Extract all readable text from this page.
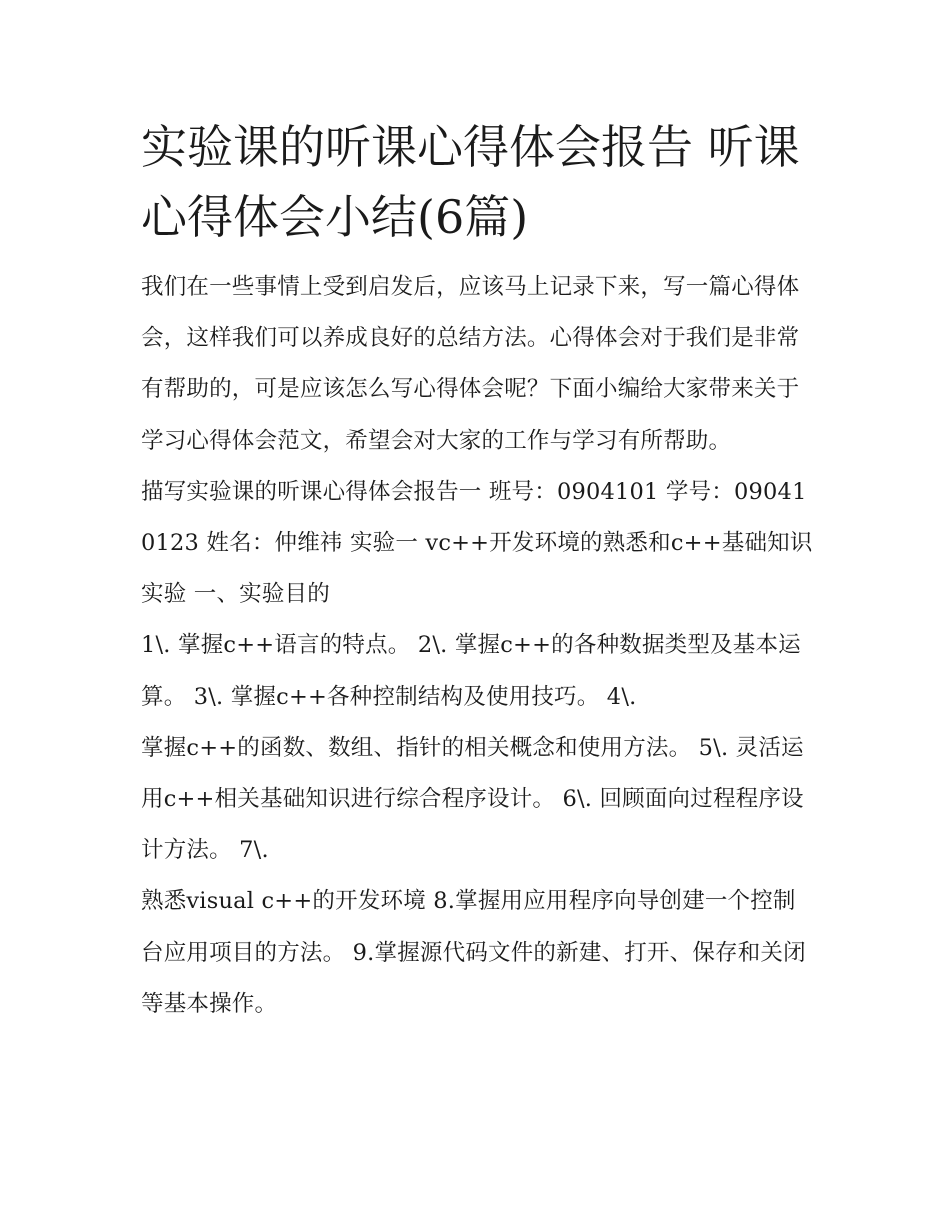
实验课的听课心得体会报告 听课心得体会小结(6篇)

我们在一些事情上受到启发后，应该马上记录下来，写一篇心得体会，这样我们可以养成良好的总结方法。心得体会对于我们是非常有帮助的，可是应该怎么写心得体会呢？下面小编给大家带来关于学习心得体会范文，希望会对大家的工作与学习有所帮助。

描写实验课的听课心得体会报告一 班号：0904101 学号：090410123 姓名：仲维祎 实验一 vc++开发环境的熟悉和c++基础知识实验 一、实验目的

1\. 掌握c++语言的特点。 2\. 掌握c++的各种数据类型及基本运算。 3\. 掌握c++各种控制结构及使用技巧。 4\.

掌握c++的函数、数组、指针的相关概念和使用方法。 5\. 灵活运用c++相关基础知识进行综合程序设计。 6\. 回顾面向过程程序设计方法。 7\.

熟悉visual c++的开发环境 8.掌握用应用程序向导创建一个控制台应用项目的方法。 9.掌握源代码文件的新建、打开、保存和关闭等基本操作。
